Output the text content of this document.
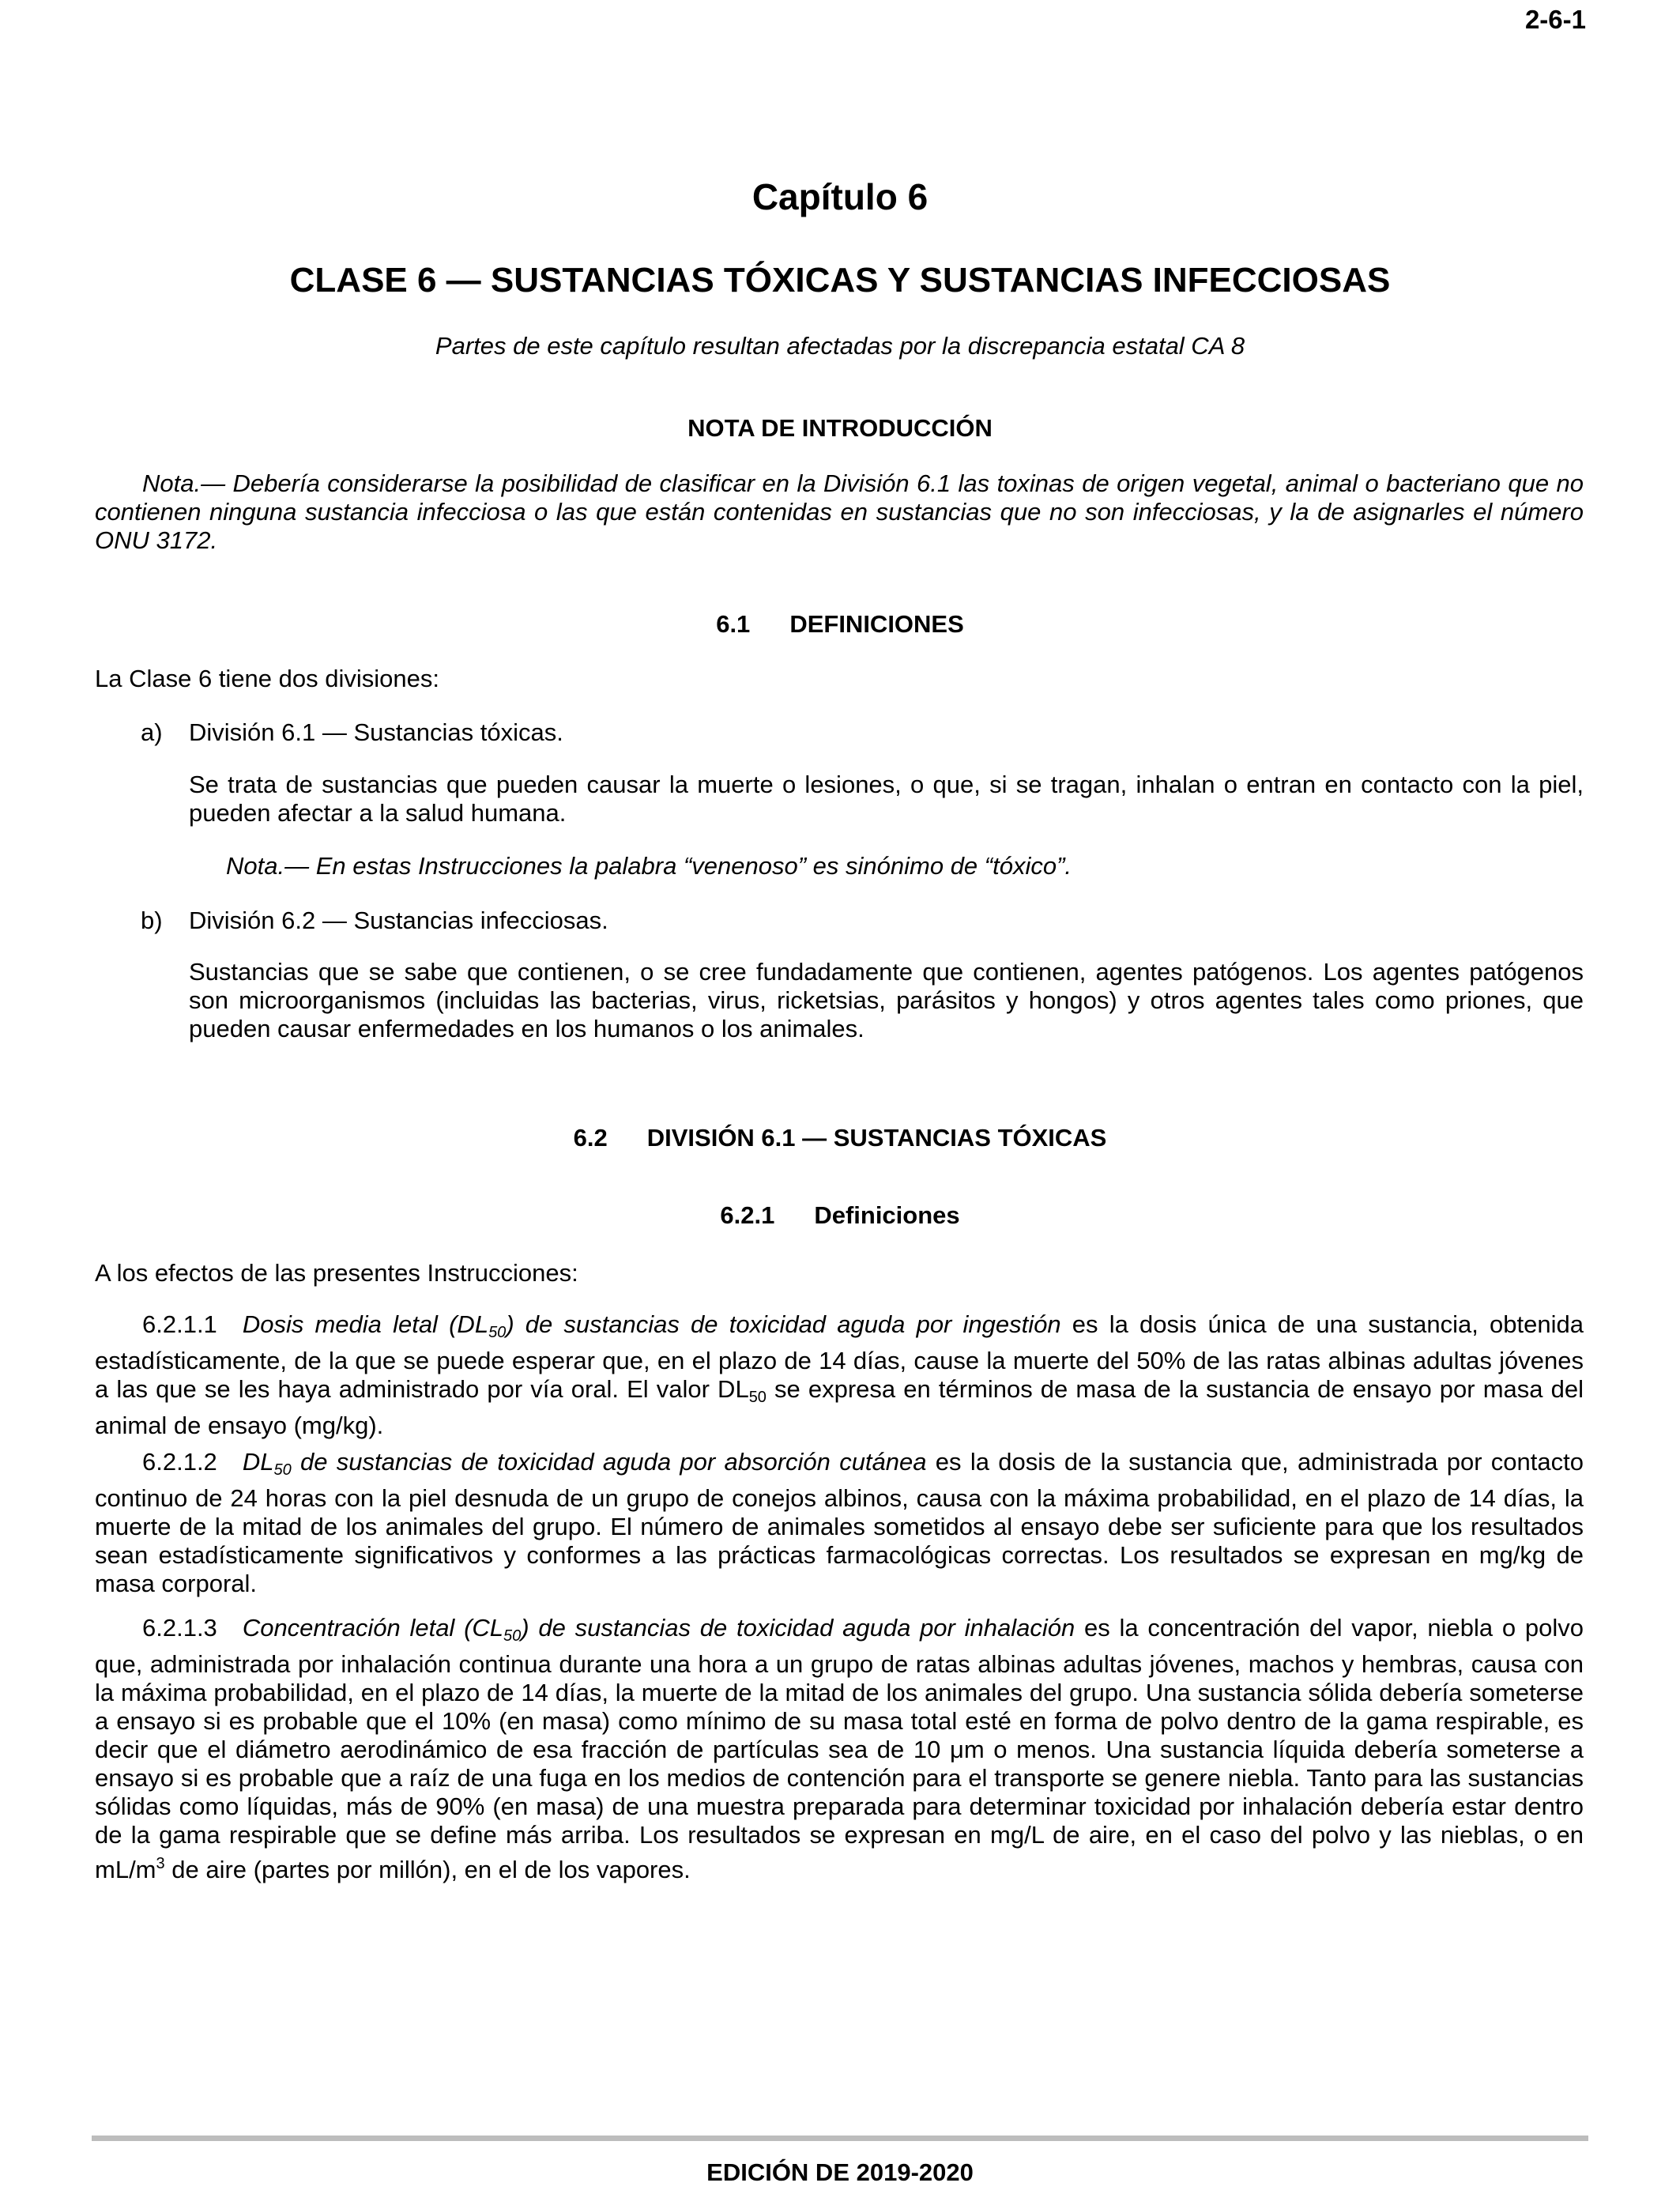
2-6-1
Capítulo 6
CLASE 6 — SUSTANCIAS TÓXICAS Y SUSTANCIAS INFECCIOSAS
Partes de este capítulo resultan afectadas por la discrepancia estatal CA 8
NOTA DE INTRODUCCIÓN
Nota.— Debería considerarse la posibilidad de clasificar en la División 6.1 las toxinas de origen vegetal, animal o bacteriano que no contienen ninguna sustancia infecciosa o las que están contenidas en sustancias que no son infecciosas, y la de asignarles el número ONU 3172.
6.1 DEFINICIONES
La Clase 6 tiene dos divisiones:
a) División 6.1 — Sustancias tóxicas.
Se trata de sustancias que pueden causar la muerte o lesiones, o que, si se tragan, inhalan o entran en contacto con la piel, pueden afectar a la salud humana.
Nota.— En estas Instrucciones la palabra “venenoso” es sinónimo de “tóxico”.
b) División 6.2 — Sustancias infecciosas.
Sustancias que se sabe que contienen, o se cree fundadamente que contienen, agentes patógenos. Los agentes patógenos son microorganismos (incluidas las bacterias, virus, ricketsias, parásitos y hongos) y otros agentes tales como priones, que pueden causar enfermedades en los humanos o los animales.
6.2 DIVISIÓN 6.1 — SUSTANCIAS TÓXICAS
6.2.1 Definiciones
A los efectos de las presentes Instrucciones:
6.2.1.1 Dosis media letal $(DL_{50})$ de sustancias de toxicidad aguda por ingestión es la dosis única de una sustancia, obtenida estadísticamente, de la que se puede esperar que, en el plazo de 14 días, cause la muerte del 50% de las ratas albinas adultas jóvenes a las que se les haya administrado por vía oral. El valor $DL_{50}$ se expresa en términos de masa de la sustancia de ensayo por masa del animal de ensayo (mg/kg).
6.2.1.2 $DL_{50}$ de sustancias de toxicidad aguda por absorción cutánea es la dosis de la sustancia que, administrada por contacto continuo de 24 horas con la piel desnuda de un grupo de conejos albinos, causa con la máxima probabilidad, en el plazo de 14 días, la muerte de la mitad de los animales del grupo. El número de animales sometidos al ensayo debe ser suficiente para que los resultados sean estadísticamente significativos y conformes a las prácticas farmacológicas correctas. Los resultados se expresan en mg/kg de masa corporal.
6.2.1.3 Concentración letal $(CL_{50})$ de sustancias de toxicidad aguda por inhalación es la concentración del vapor, niebla o polvo que, administrada por inhalación continua durante una hora a un grupo de ratas albinas adultas jóvenes, machos y hembras, causa con la máxima probabilidad, en el plazo de 14 días, la muerte de la mitad de los animales del grupo. Una sustancia sólida debería someterse a ensayo si es probable que el 10% (en masa) como mínimo de su masa total esté en forma de polvo dentro de la gama respirable, es decir que el diámetro aerodinámico de esa fracción de partículas sea de 10 μm o menos. Una sustancia líquida debería someterse a ensayo si es probable que a raíz de una fuga en los medios de contención para el transporte se genere niebla. Tanto para las sustancias sólidas como líquidas, más de 90% (en masa) de una muestra preparada para determinar toxicidad por inhalación debería estar dentro de la gama respirable que se define más arriba. Los resultados se expresan en mg/L de aire, en el caso del polvo y las nieblas, o en $mL/m^3$ de aire (partes por millón), en el de los vapores.
EDICIÓN DE 2019-2020
